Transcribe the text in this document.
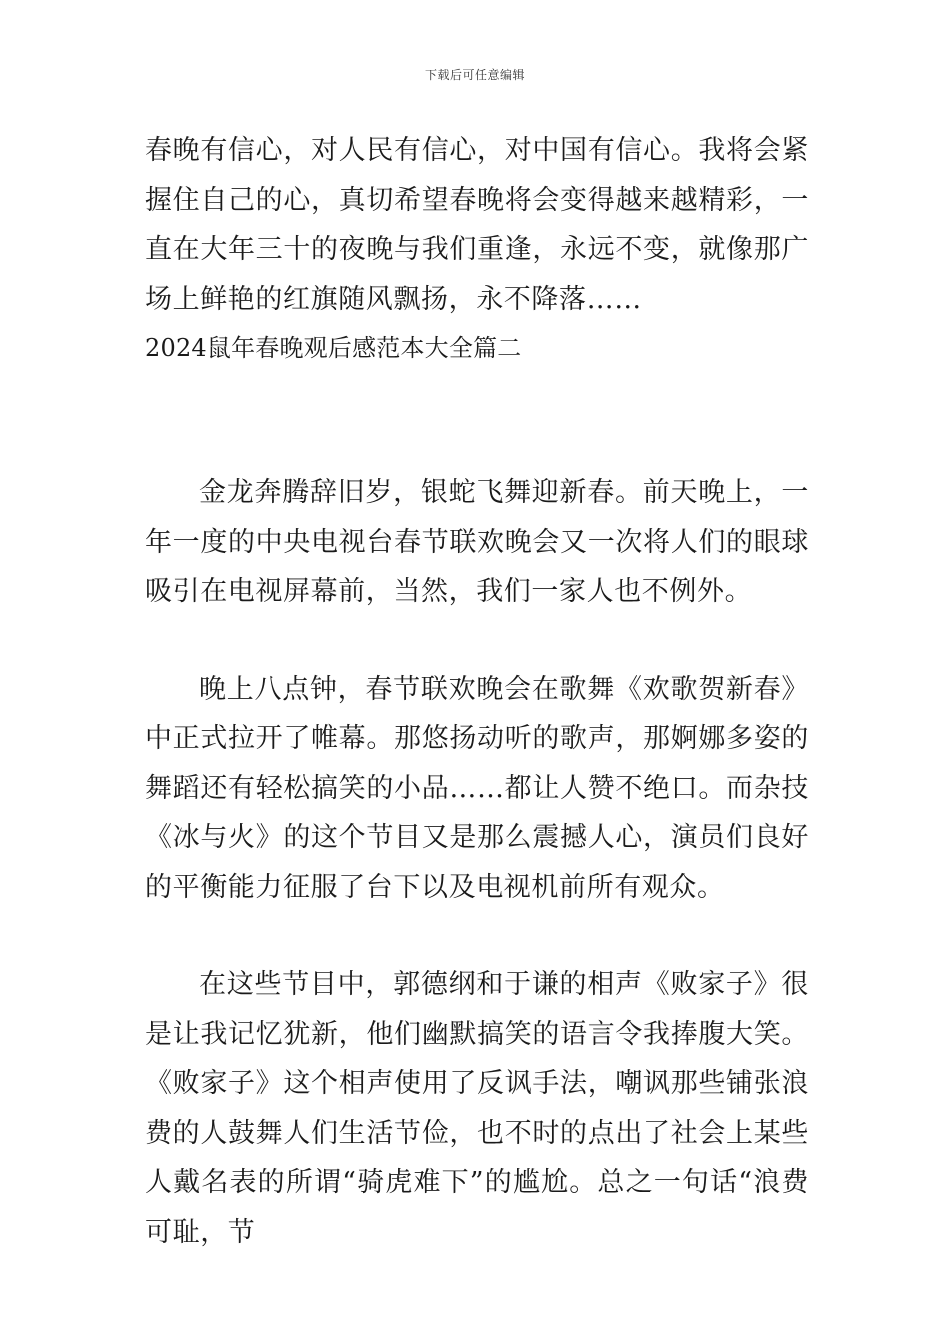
下载后可任意编辑

春晚有信心，对人民有信心，对中国有信心。我将会紧握住自己的心，真切希望春晚将会变得越来越精彩，一直在大年三十的夜晚与我们重逢，永远不变，就像那广场上鲜艳的红旗随风飘扬，永不降落……

2024鼠年春晚观后感范本大全篇二

金龙奔腾辞旧岁，银蛇飞舞迎新春。前天晚上，一年一度的中央电视台春节联欢晚会又一次将人们的眼球吸引在电视屏幕前，当然，我们一家人也不例外。

晚上八点钟，春节联欢晚会在歌舞《欢歌贺新春》中正式拉开了帷幕。那悠扬动听的歌声，那婀娜多姿的舞蹈还有轻松搞笑的小品……都让人赞不绝口。而杂技《冰与火》的这个节目又是那么震撼人心，演员们良好的平衡能力征服了台下以及电视机前所有观众。

在这些节目中，郭德纲和于谦的相声《败家子》很是让我记忆犹新，他们幽默搞笑的语言令我捧腹大笑。《败家子》这个相声使用了反讽手法，嘲讽那些铺张浪费的人鼓舞人们生活节俭，也不时的点出了社会上某些人戴名表的所谓“骑虎难下”的尴尬。总之一句话“浪费可耻，节
